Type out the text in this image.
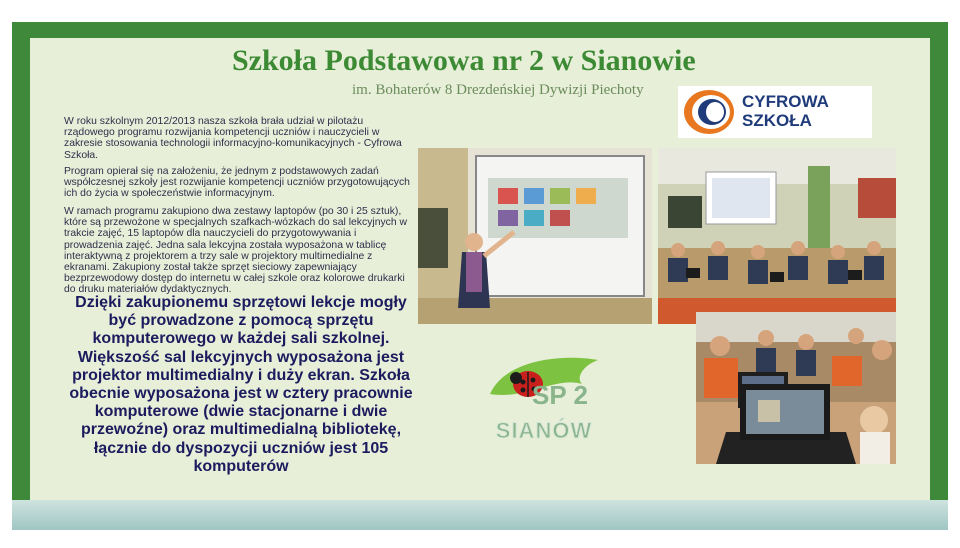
Szkoła Podstawowa nr 2 w Sianowie
im. Bohaterów 8 Drezdeńskiej Dywizji Piechoty

W roku szkolnym 2012/2013 nasza szkoła brała udział w pilotażu rządowego programu rozwijania kompetencji uczniów i nauczycieli w zakresie stosowania technologii informacyjno-komunikacyjnych - Cyfrowa Szkoła.

Program opierał się na założeniu, że jednym z podstawowych zadań współczesnej szkoły jest rozwijanie kompetencji uczniów przygotowujących ich do życia w społeczeństwie informacyjnym.

W ramach programu zakupiono dwa zestawy laptopów (po 30 i 25 sztuk), które są przewożone w specjalnych szafkach-wózkach do sal lekcyjnych w trakcie zajęć, 15 laptopów dla nauczycieli do przygotowywania i prowadzenia zajęć. Jedna sala lekcyjna została wyposażona w tablicę interaktywną z projektorem a trzy sale w projektory multimedialne z ekranami. Zakupiony został także sprzęt sieciowy zapewniający bezprzewodowy dostęp do internetu w całej szkole oraz kolorowe drukarki do druku materiałów dydaktycznych.

Dzięki zakupionemu sprzętowi lekcje mogły być prowadzone z pomocą sprzętu komputerowego w każdej sali szkolnej. Większość sal lekcyjnych wyposażona jest projektor multimedialny i duży ekran. Szkoła obecnie wyposażona jest w cztery pracownie komputerowe (dwie stacjonarne i dwie przewoźne) oraz multimedialną bibliotekę, łącznie do dyspozycji uczniów jest 105 komputerów

CYFROWA
SZKOŁA
SP 2
SIANÓW
